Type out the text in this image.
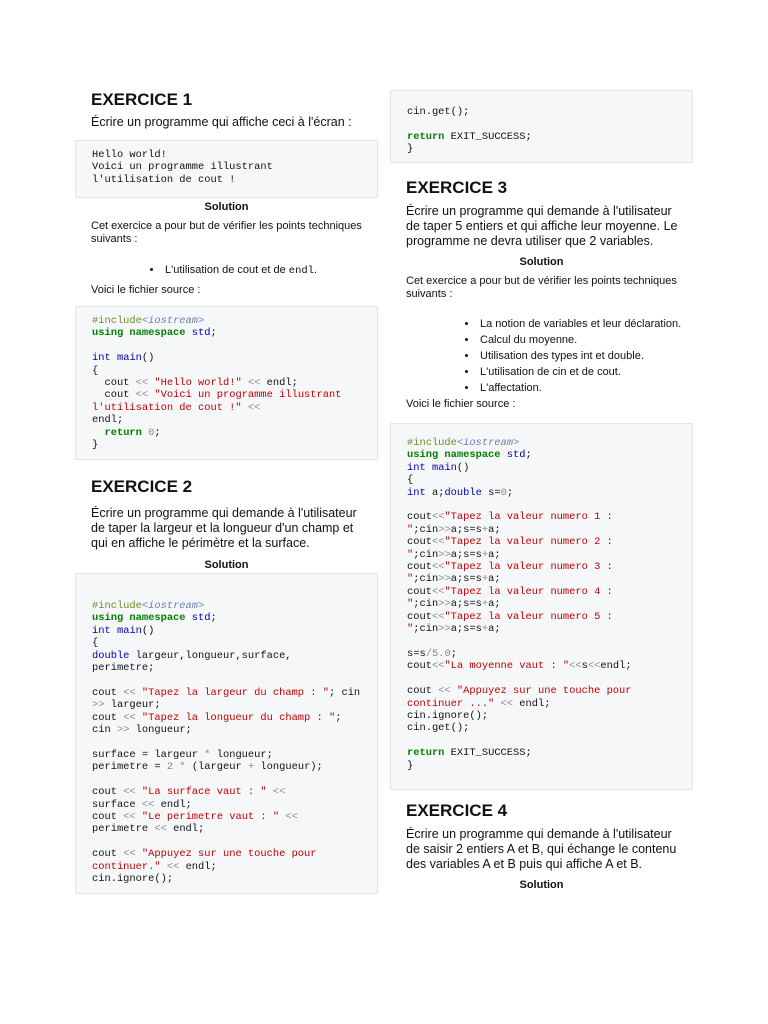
EXERCICE 1

Écrire un programme qui affiche ceci à l'écran :

Hello world!
Voici un programme illustrant
l'utilisation de cout !

Solution

Cet exercice a pour but de vérifier les points techniques suivants :

• L'utilisation de cout et de endl.

Voici le fichier source :

#include<iostream>
using namespace std;

int main()
{
cout << "Hello world!" << endl;
cout << "Voici un programme illustrant l'utilisation de cout !" <<
endl;
return 0;
}
EXERCICE 2

Écrire un programme qui demande à l'utilisateur de taper la largeur et la longueur d'un champ et qui en affiche le périmètre et la surface.

Solution

#include<iostream>
using namespace std;
int main()
{
double largeur,longueur,surface,
perimetre;

cout << "Tapez la largeur du champ : "; cin >> largeur;
cout << "Tapez la longueur du champ : "; cin >> longueur;

surface = largeur * longueur;
perimetre = 2 * (largeur + longueur);

cout << "La surface vaut : " <<
surface << endl;
cout << "Le perimetre vaut : " <<
perimetre << endl;

cout << "Appuyez sur une touche pour continuer." << endl;
cin.ignore();
cin.get();

return EXIT_SUCCESS;
}
EXERCICE 3

Écrire un programme qui demande à l'utilisateur de taper 5 entiers et qui affiche leur moyenne. Le programme ne devra utiliser que 2 variables.

Solution

Cet exercice a pour but de vérifier les points techniques suivants :

• La notion de variables et leur déclaration.
• Calcul du moyenne.
• Utilisation des types int et double.
• L'utilisation de cin et de cout.
• L'affectation.

Voici le fichier source :

#include<iostream>
using namespace std;
int main()
{
int a;double s=0;

cout<<"Tapez la valeur numero 1 : ";cin>>a;s=s+a;
cout<<"Tapez la valeur numero 2 : ";cin>>a;s=s+a;
cout<<"Tapez la valeur numero 3 : ";cin>>a;s=s+a;
cout<<"Tapez la valeur numero 4 : ";cin>>a;s=s+a;
cout<<"Tapez la valeur numero 5 : ";cin>>a;s=s+a;

s=s/5.0;
cout<<"La moyenne vaut : "<<s<<endl;

cout << "Appuyez sur une touche pour continuer ..." << endl;
cin.ignore();
cin.get();

return EXIT_SUCCESS;
}
EXERCICE 4

Écrire un programme qui demande à l'utilisateur de saisir 2 entiers A et B, qui échange le contenu des variables A et B puis qui affiche A et B.

Solution
